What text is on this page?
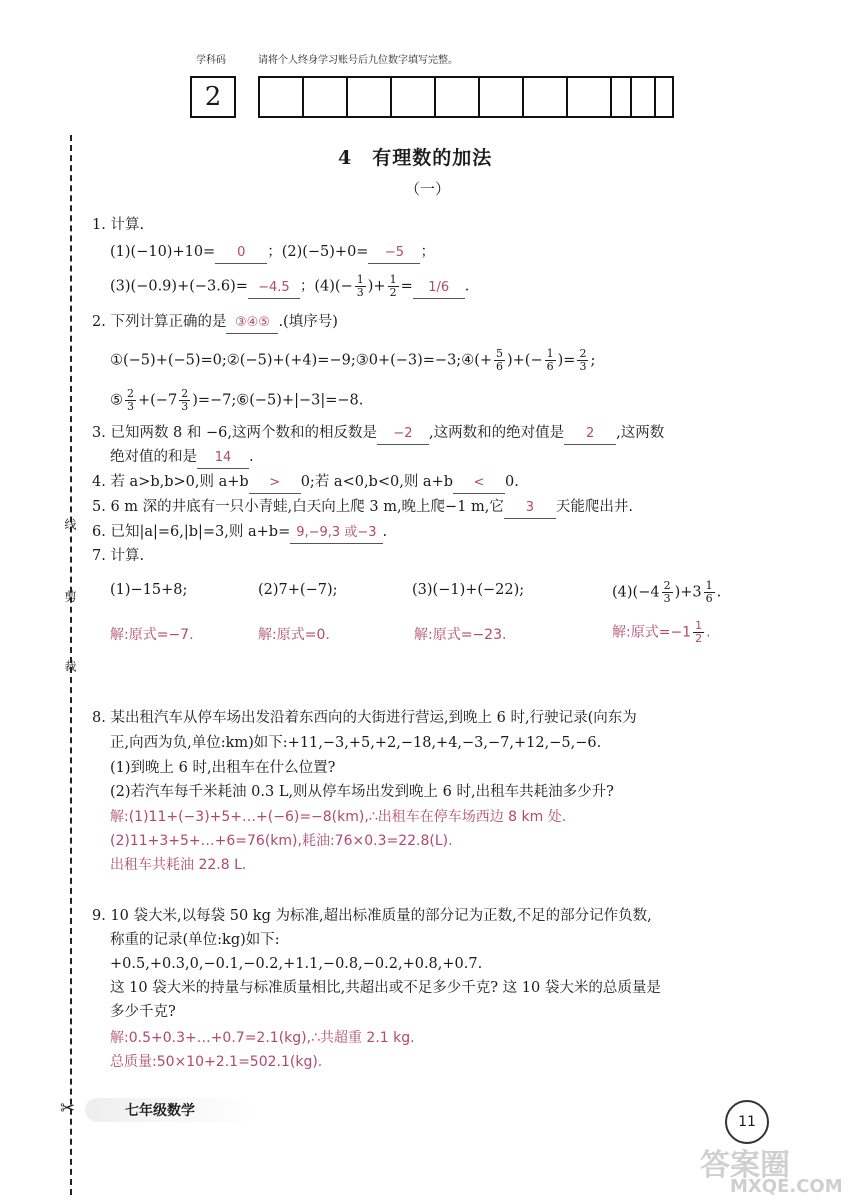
学科码	请将个人终身学习账号后九位数字填写完整。
2
线
剪
裁
4　有理数的加法
（一）
1. 计算.
(1)(−10)+10= 0 ；(2)(−5)+0= −5 ；
(3)(−0.9)+(−3.6)= −4.5 ；$(4)(- \frac{1}{3}$ )+ $\frac{1}{2} = 1/6$ .
2. 下列计算正确的是 ③④⑤ .(填序号)
①(−5)+(−5)=0;②(−5)+(+4)=−9;③0+(−3)=−3;④(+ $\frac{5}{6}$ )+(− $\frac{1}{6}$ )= $\frac{2}{3}$ ;
⑤ $\frac{2}{3} +(-7 \frac{2}{3}$ )=−7;⑥(−5)+|−3|=−8.
3. 已知两数 8 和 −6,这两个数和的相反数是 −2 ,这两数和的绝对值是 2 ,这两数
绝对值的和是 14 .
4. 若 a>b,b>0,则 a+b > 0;若 a<0,b<0,则 a+b < 0.
5. 6 m 深的井底有一只小青蛙,白天向上爬 3 m,晚上爬−1 m,它 3 天能爬出井.
6. 已知|a|=6,|b|=3,则 a+b= 9,−9,3 或−3 .
7. 计算.
(1)−15+8;	(2)7+(−7);	(3)(−1)+(−22);	$(4)(-4 \frac{2}{3} )+3 \frac{1}{6}$ .
解:原式=−7.	解:原式=0.	解:原式=−23.	解:原式$=-1 \frac{1}{2}$ .
8. 某出租汽车从停车场出发沿着东西向的大街进行营运,到晚上 6 时,行驶记录(向东为
正,向西为负,单位:km)如下:+11,−3,+5,+2,−18,+4,−3,−7,+12,−5,−6.
(1)到晚上 6 时,出租车在什么位置?
(2)若汽车每千米耗油 0.3 L,则从停车场出发到晚上 6 时,出租车共耗油多少升?
解:(1)11+(−3)+5+…+(−6)=−8(km),∴出租车在停车场西边 8 km 处.
(2)11+3+5+…+6=76(km),耗油:76×0.3=22.8(L).
出租车共耗油 22.8 L.
9. 10 袋大米,以每袋 50 kg 为标准,超出标准质量的部分记为正数,不足的部分记作负数,
称重的记录(单位:kg)如下:
+0.5,+0.3,0,−0.1,−0.2,+1.1,−0.8,−0.2,+0.8,+0.7.
这 10 袋大米的持量与标准质量相比,共超出或不足多少千克? 这 10 袋大米的总质量是
多少千克?
解:0.5+0.3+…+0.7=2.1(kg),∴共超重 2.1 kg.
总质量:50×10+2.1=502.1(kg).
✂	七年级数学
11
答案圈
MXQE.COM
